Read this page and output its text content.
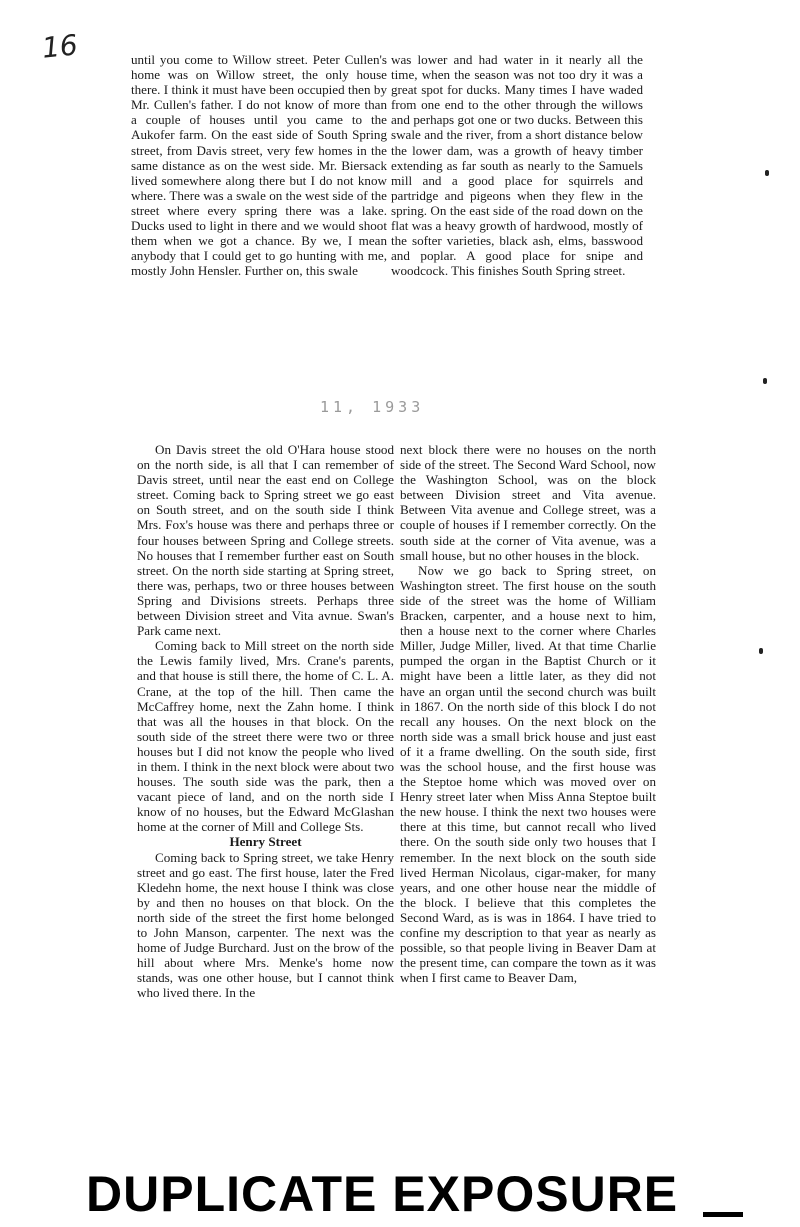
16	until you come to Willow street. Peter Cullen's home was on Willow street, the only house there. I think it must have been occupied then by Mr. Cullen's father. I do not know of more than a couple of houses until you came to the Aukofer farm. On the east side of South Spring street, from Davis street, very few homes in the same distance as on the west side. Mr. Biersack lived somewhere along there but I do not know where. There was a swale on the west side of the street where every spring there was a lake. Ducks used to light in there and we would shoot them when we got a chance. By we, I mean anybody that I could get to go hunting with me, mostly John Hensler. Further on, this swale

was lower and had water in it nearly all the time, when the season was not too dry it was a great spot for ducks. Many times I have waded from one end to the other through the willows and perhaps got one or two ducks. Between this swale and the river, from a short distance below the lower dam, was a growth of heavy timber extending as far south as nearly to the Samuels mill and a good place for squirrels and partridge and pigeons when they flew in the spring. On the east side of the road down on the flat was a heavy growth of hardwood, mostly of the softer varieties, black ash, elms, basswood and poplar. A good place for snipe and woodcock. This finishes South Spring street.

11, 1933

On Davis street the old O'Hara house stood on the north side, is all that I can remember of Davis street, until near the east end on College street. Coming back to Spring street we go east on South street, and on the south side I think Mrs. Fox's house was there and perhaps three or four houses between Spring and College streets. No houses that I remember further east on South street. On the north side starting at Spring street, there was, perhaps, two or three houses between Spring and Divisions streets. Perhaps three between Division street and Vita avnue. Swan's Park came next.

Coming back to Mill street on the north side the Lewis family lived, Mrs. Crane's parents, and that house is still there, the home of C. L. A. Crane, at the top of the hill. Then came the McCaffrey home, next the Zahn home. I think that was all the houses in that block. On the south side of the street there were two or three houses but I did not know the people who lived in them. I think in the next block were about two houses. The south side was the park, then a vacant piece of land, and on the north side I know of no houses, but the Edward McGlashan home at the corner of Mill and College Sts.

Henry Street

Coming back to Spring street, we take Henry street and go east. The first house, later the Fred Kledehn home, the next house I think was close by and then no houses on that block. On the north side of the street the first home belonged to John Manson, carpenter. The next was the home of Judge Burchard. Just on the brow of the hill about where Mrs. Menke's home now stands, was one other house, but I cannot think who lived there. In the

next block there were no houses on the north side of the street. The Second Ward School, now the Washington School, was on the block between Division street and Vita avenue. Between Vita avenue and College street, was a couple of houses if I remember correctly. On the south side at the corner of Vita avenue, was a small house, but no other houses in the block.

Now we go back to Spring street, on Washington street. The first house on the south side of the street was the home of William Bracken, carpenter, and a house next to him, then a house next to the corner where Charles Miller, Judge Miller, lived. At that time Charlie pumped the organ in the Baptist Church or it might have been a little later, as they did not have an organ until the second church was built in 1867. On the north side of this block I do not recall any houses. On the next block on the north side was a small brick house and just east of it a frame dwelling. On the south side, first was the school house, and the first house was the Steptoe home which was moved over on Henry street later when Miss Anna Steptoe built the new house. I think the next two houses were there at this time, but cannot recall who lived there. On the south side only two houses that I remember. In the next block on the south side lived Herman Nicolaus, cigar-maker, for many years, and one other house near the middle of the block. I believe that this completes the Second Ward, as is was in 1864. I have tried to confine my description to that year as nearly as possible, so that people living in Beaver Dam at the present time, can compare the town as it was when I first came to Beaver Dam,

DUPLICATE EXPOSURE
